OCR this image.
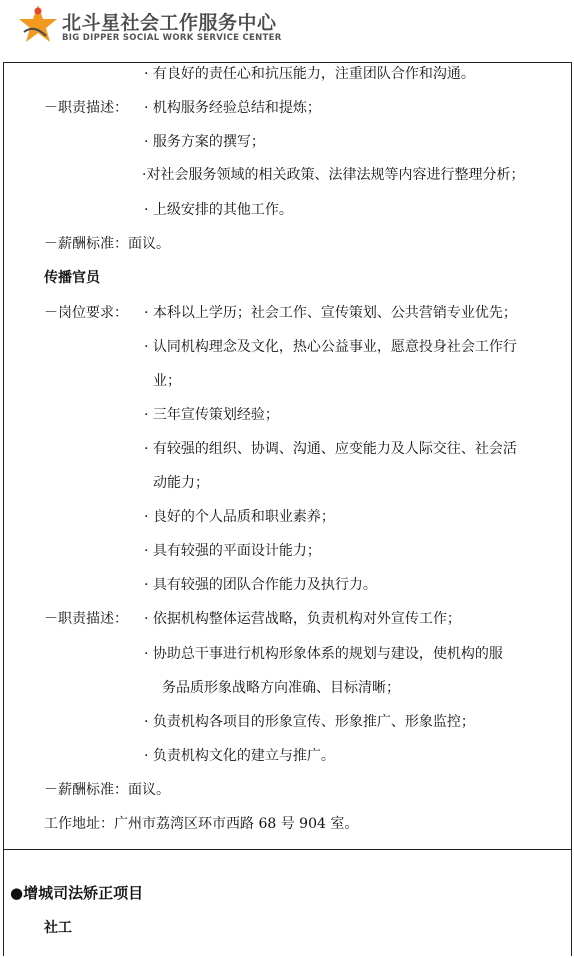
北斗星社会工作服务中心
BIG DIPPER SOCIAL WORK SERVICE CENTER
· 有良好的责任心和抗压能力，注重团队合作和沟通。
－职责描述： · 机构服务经验总结和提炼；
· 服务方案的撰写；
·对社会服务领域的相关政策、法律法规等内容进行整理分析；
· 上级安排的其他工作。
－薪酬标准：面议。
传播官员
－岗位要求： · 本科以上学历；社会工作、宣传策划、公共营销专业优先；
· 认同机构理念及文化，热心公益事业，愿意投身社会工作行
业；
· 三年宣传策划经验；
· 有较强的组织、协调、沟通、应变能力及人际交往、社会活
动能力；
· 良好的个人品质和职业素养；
· 具有较强的平面设计能力；
· 具有较强的团队合作能力及执行力。
－职责描述： · 依据机构整体运营战略，负责机构对外宣传工作；
· 协助总干事进行机构形象体系的规划与建设，使机构的服
务品质形象战略方向准确、目标清晰；
· 负责机构各项目的形象宣传、形象推广、形象监控；
· 负责机构文化的建立与推广。
－薪酬标准：面议。
工作地址：广州市荔湾区环市西路 68 号 904 室。
●增城司法矫正项目
社工
